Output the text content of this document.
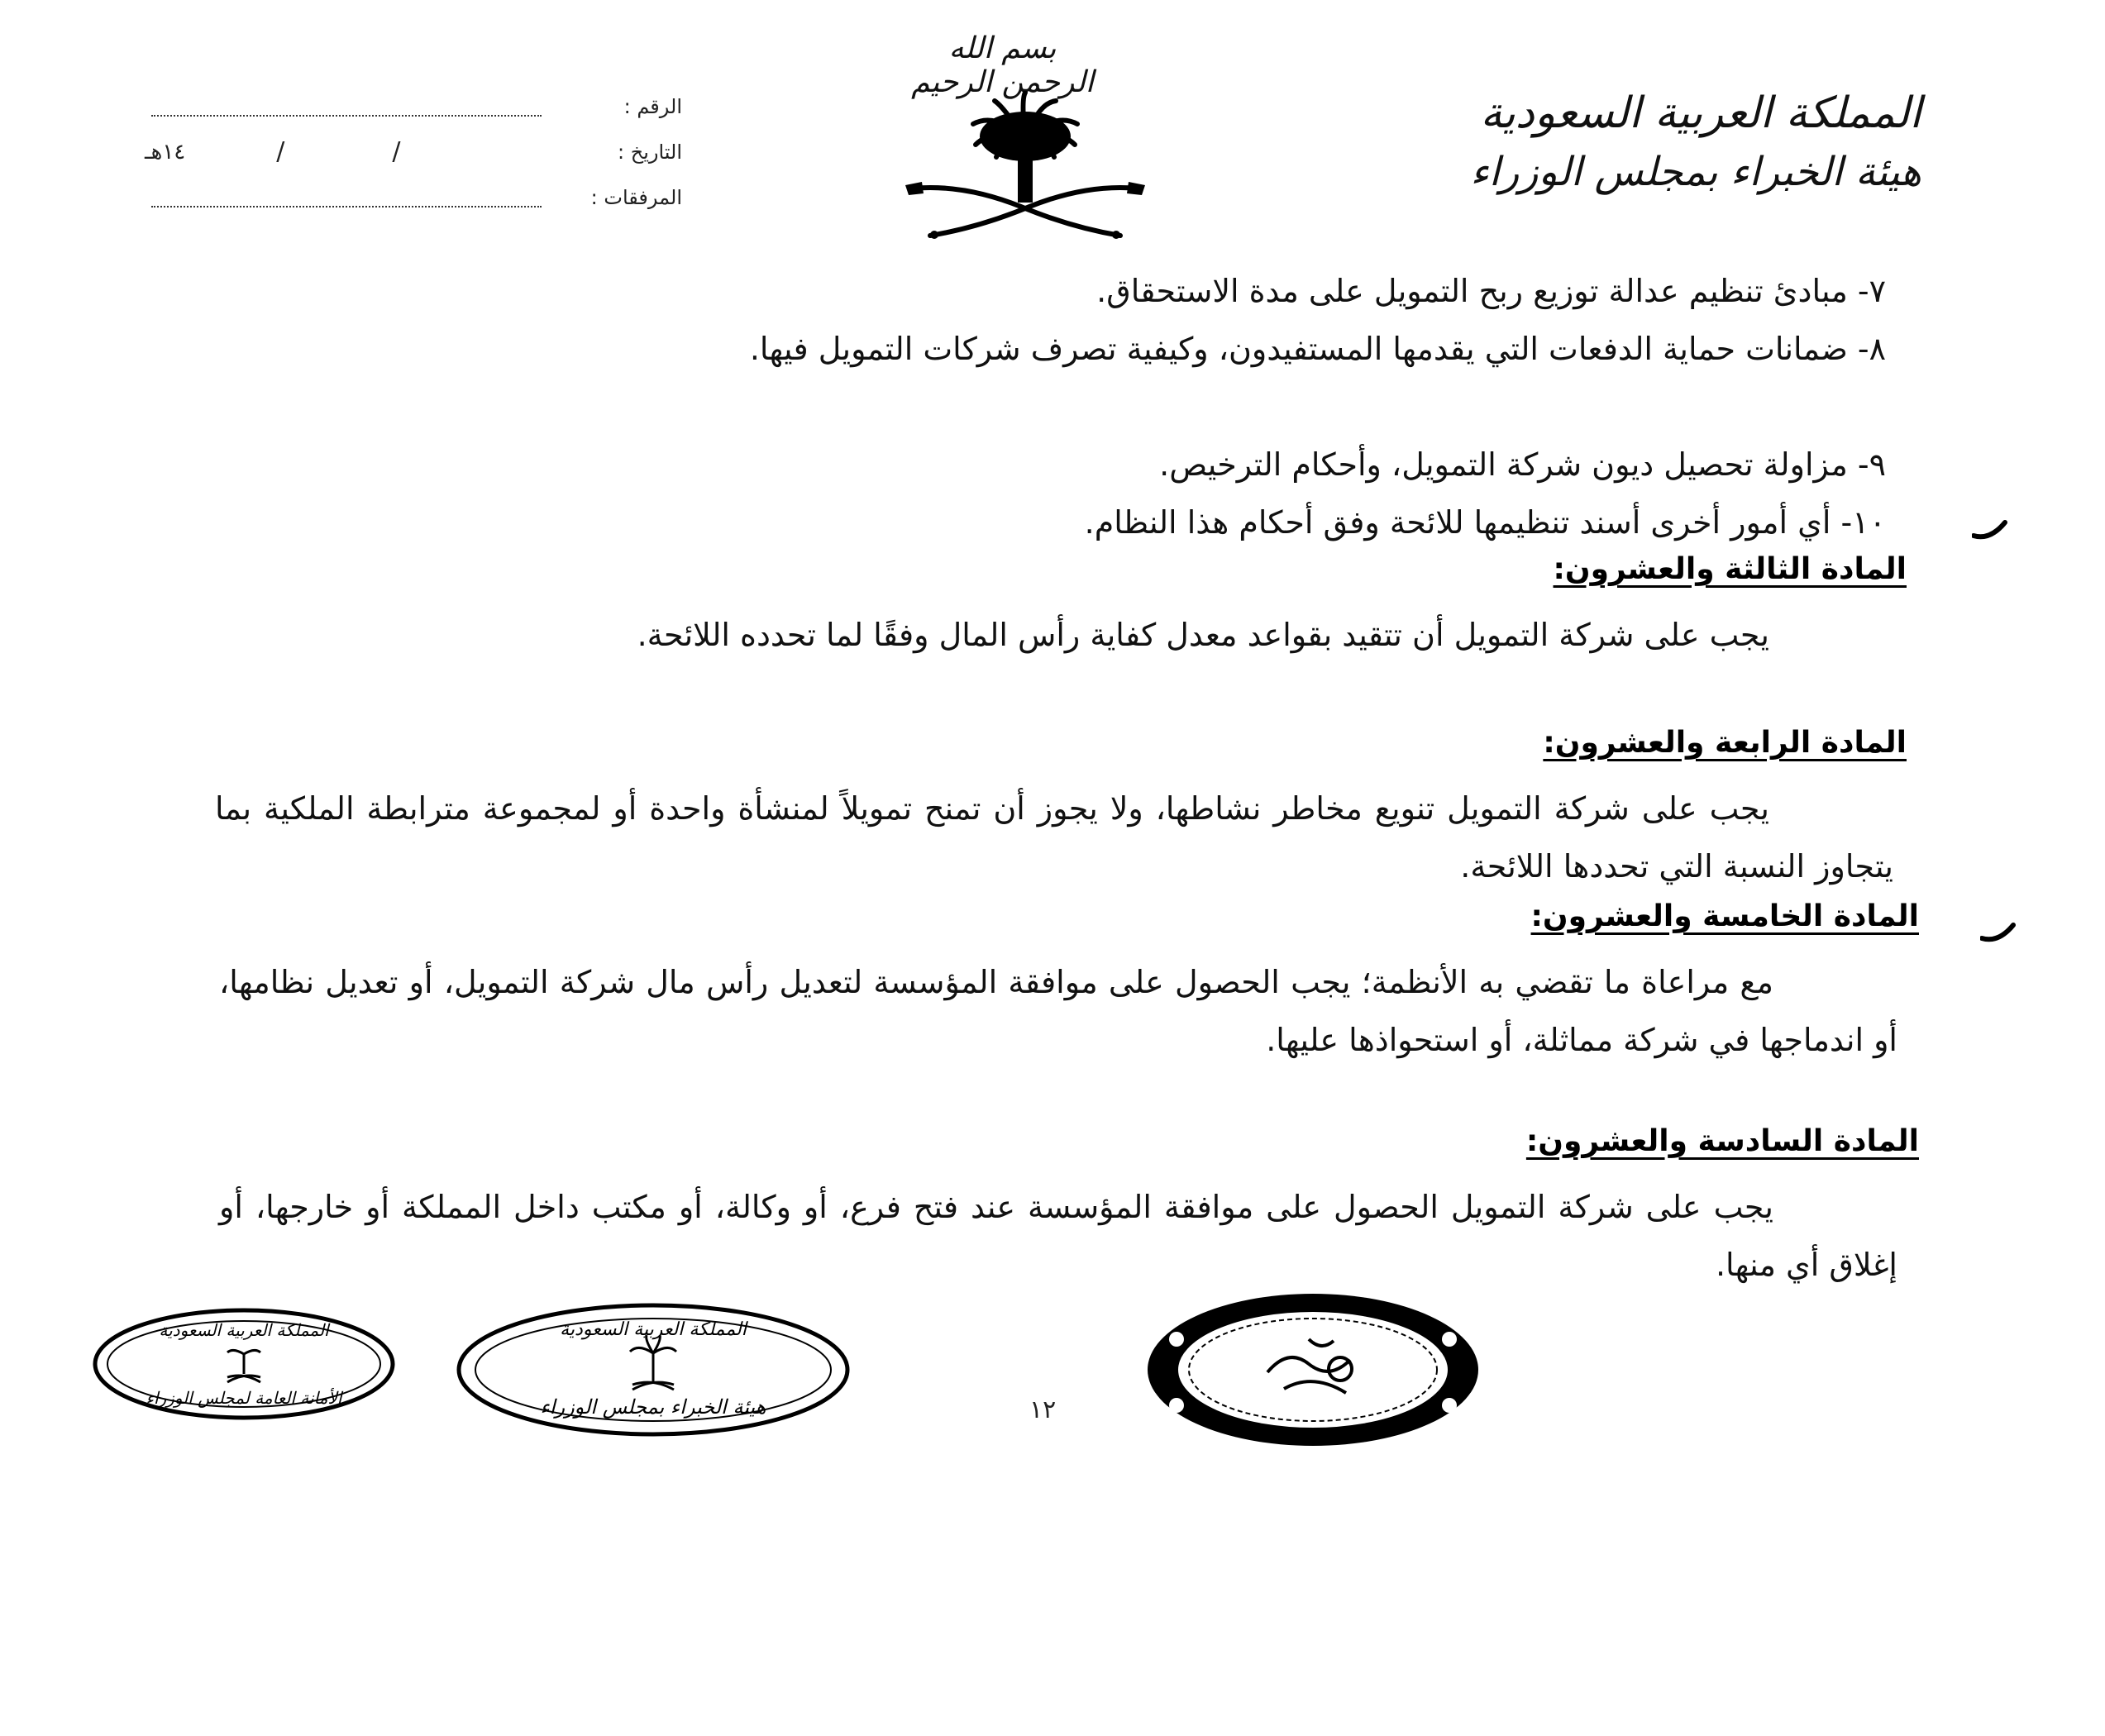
بسم الله الرحمن الرحيم
المملكة العربية السعودية
هيئة الخبراء بمجلس الوزراء
الرقم :
التاريخ :
١٤هـ	/	/
المرفقات :
٧-مبادئ تنظيم عدالة توزيع ربح التمويل على مدة الاستحقاق.
٨-ضمانات حماية الدفعات التي يقدمها المستفيدون، وكيفية تصرف شركات التمويل فيها.
٩-مزاولة تحصيل ديون شركة التمويل، وأحكام الترخيص.
١٠-أي أمور أخرى أسند تنظيمها للائحة وفق أحكام هذا النظام.
المادة الثالثة والعشرون:
يجب على شركة التمويل أن تتقيد بقواعد معدل كفاية رأس المال وفقًا لما تحدده اللائحة.
المادة الرابعة والعشرون:
يجب على شركة التمويل تنويع مخاطر نشاطها، ولا يجوز أن تمنح تمويلاً لمنشأة واحدة أو لمجموعة مترابطة الملكية بما يتجاوز النسبة التي تحددها اللائحة.
المادة الخامسة والعشرون:
مع مراعاة ما تقضي به الأنظمة؛ يجب الحصول على موافقة المؤسسة لتعديل رأس مال شركة التمويل، أو تعديل نظامها، أو اندماجها في شركة مماثلة، أو استحواذها عليها.
المادة السادسة والعشرون:
يجب على شركة التمويل الحصول على موافقة المؤسسة عند فتح فرع، أو وكالة، أو مكتب داخل المملكة أو خارجها، أو إغلاق أي منها.
المملكة العربية السعودية
الأمانة العامة لمجلس الوزراء
المملكة العربية السعودية
هيئة الخبراء بمجلس الوزراء	١٢
